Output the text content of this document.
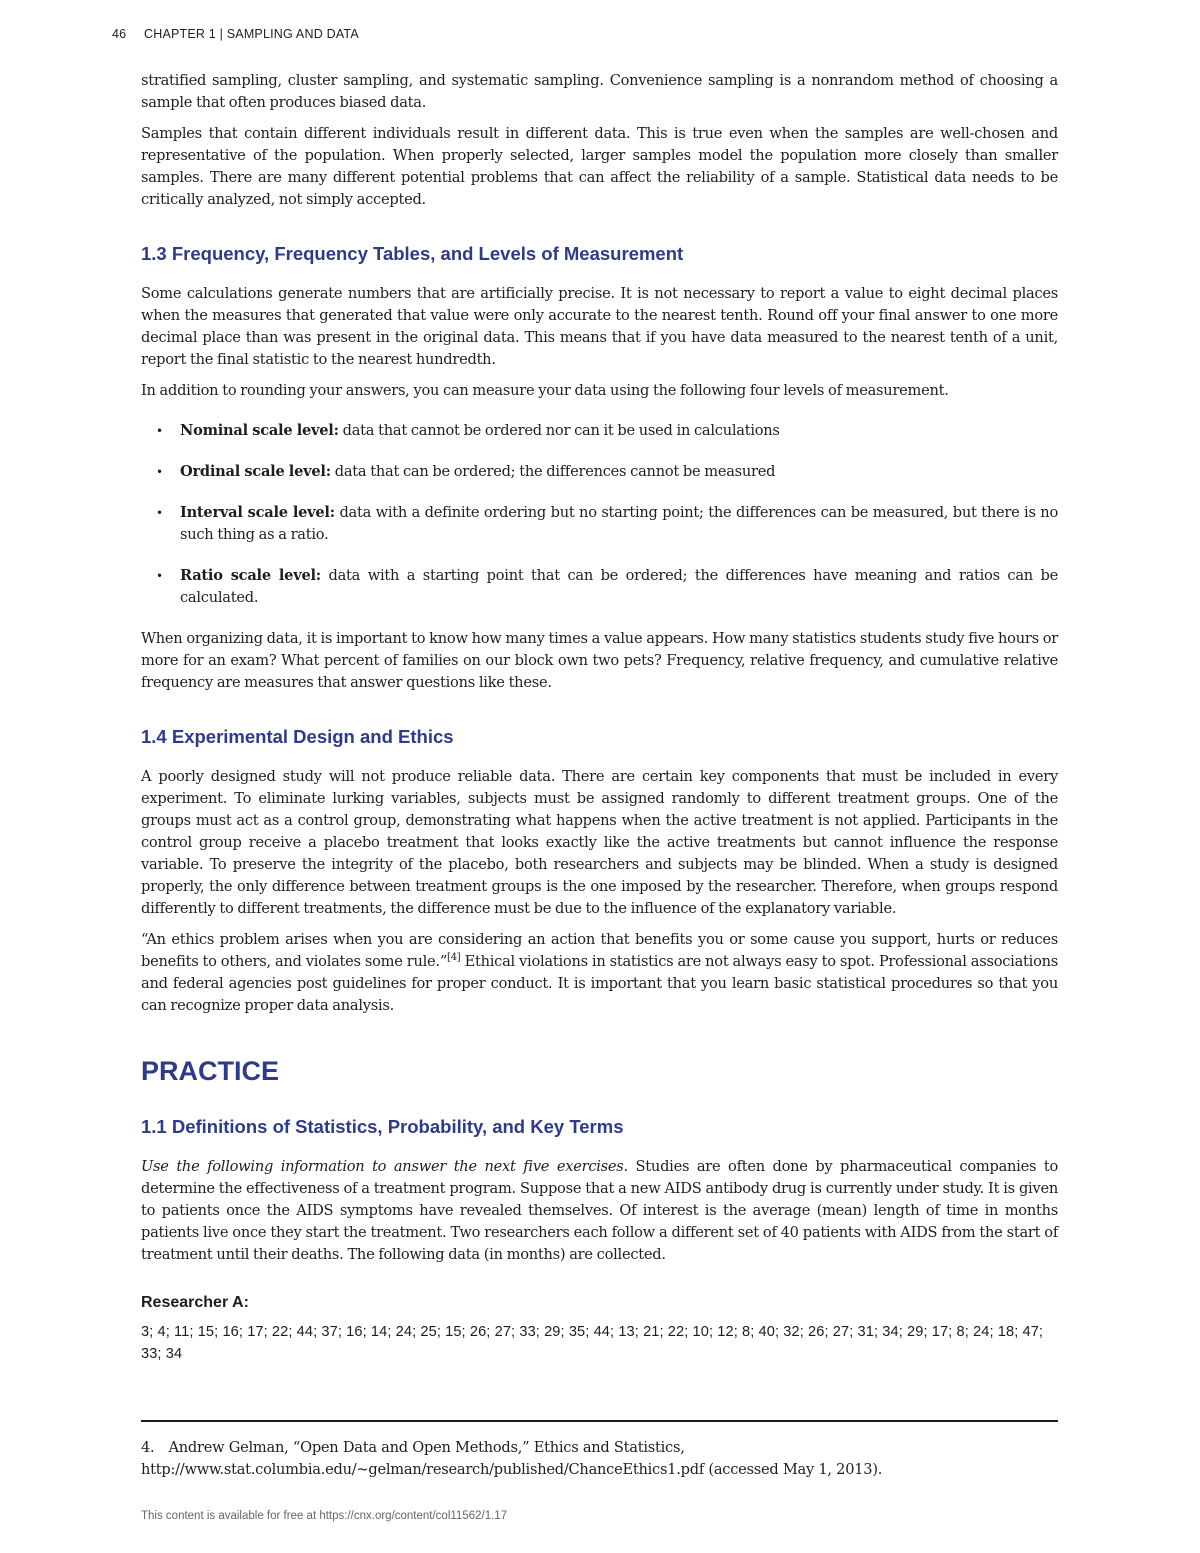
46 CHAPTER 1 | SAMPLING AND DATA

stratified sampling, cluster sampling, and systematic sampling. Convenience sampling is a nonrandom method of choosing a sample that often produces biased data.

Samples that contain different individuals result in different data. This is true even when the samples are well-chosen and representative of the population. When properly selected, larger samples model the population more closely than smaller samples. There are many different potential problems that can affect the reliability of a sample. Statistical data needs to be critically analyzed, not simply accepted.

1.3 Frequency, Frequency Tables, and Levels of Measurement

Some calculations generate numbers that are artificially precise. It is not necessary to report a value to eight decimal places when the measures that generated that value were only accurate to the nearest tenth. Round off your final answer to one more decimal place than was present in the original data. This means that if you have data measured to the nearest tenth of a unit, report the final statistic to the nearest hundredth.

In addition to rounding your answers, you can measure your data using the following four levels of measurement.

• Nominal scale level: data that cannot be ordered nor can it be used in calculations
• Ordinal scale level: data that can be ordered; the differences cannot be measured
• Interval scale level: data with a definite ordering but no starting point; the differences can be measured, but there is no such thing as a ratio.
• Ratio scale level: data with a starting point that can be ordered; the differences have meaning and ratios can be calculated.

When organizing data, it is important to know how many times a value appears. How many statistics students study five hours or more for an exam? What percent of families on our block own two pets? Frequency, relative frequency, and cumulative relative frequency are measures that answer questions like these.

1.4 Experimental Design and Ethics

A poorly designed study will not produce reliable data. There are certain key components that must be included in every experiment. To eliminate lurking variables, subjects must be assigned randomly to different treatment groups. One of the groups must act as a control group, demonstrating what happens when the active treatment is not applied. Participants in the control group receive a placebo treatment that looks exactly like the active treatments but cannot influence the response variable. To preserve the integrity of the placebo, both researchers and subjects may be blinded. When a study is designed properly, the only difference between treatment groups is the one imposed by the researcher. Therefore, when groups respond differently to different treatments, the difference must be due to the influence of the explanatory variable.

“An ethics problem arises when you are considering an action that benefits you or some cause you support, hurts or reduces benefits to others, and violates some rule.”[4] Ethical violations in statistics are not always easy to spot. Professional associations and federal agencies post guidelines for proper conduct. It is important that you learn basic statistical procedures so that you can recognize proper data analysis.

PRACTICE
1.1 Definitions of Statistics, Probability, and Key Terms

Use the following information to answer the next five exercises. Studies are often done by pharmaceutical companies to determine the effectiveness of a treatment program. Suppose that a new AIDS antibody drug is currently under study. It is given to patients once the AIDS symptoms have revealed themselves. Of interest is the average (mean) length of time in months patients live once they start the treatment. Two researchers each follow a different set of 40 patients with AIDS from the start of treatment until their deaths. The following data (in months) are collected.

Researcher A:

3; 4; 11; 15; 16; 17; 22; 44; 37; 16; 14; 24; 25; 15; 26; 27; 33; 29; 35; 44; 13; 21; 22; 10; 12; 8; 40; 32; 26; 27; 31; 34; 29; 17; 8; 24; 18; 47; 33; 34

4. Andrew Gelman, “Open Data and Open Methods,” Ethics and Statistics, http://www.stat.columbia.edu/~gelman/research/published/ChanceEthics1.pdf (accessed May 1, 2013).
This content is available for free at https://cnx.org/content/col11562/1.17
